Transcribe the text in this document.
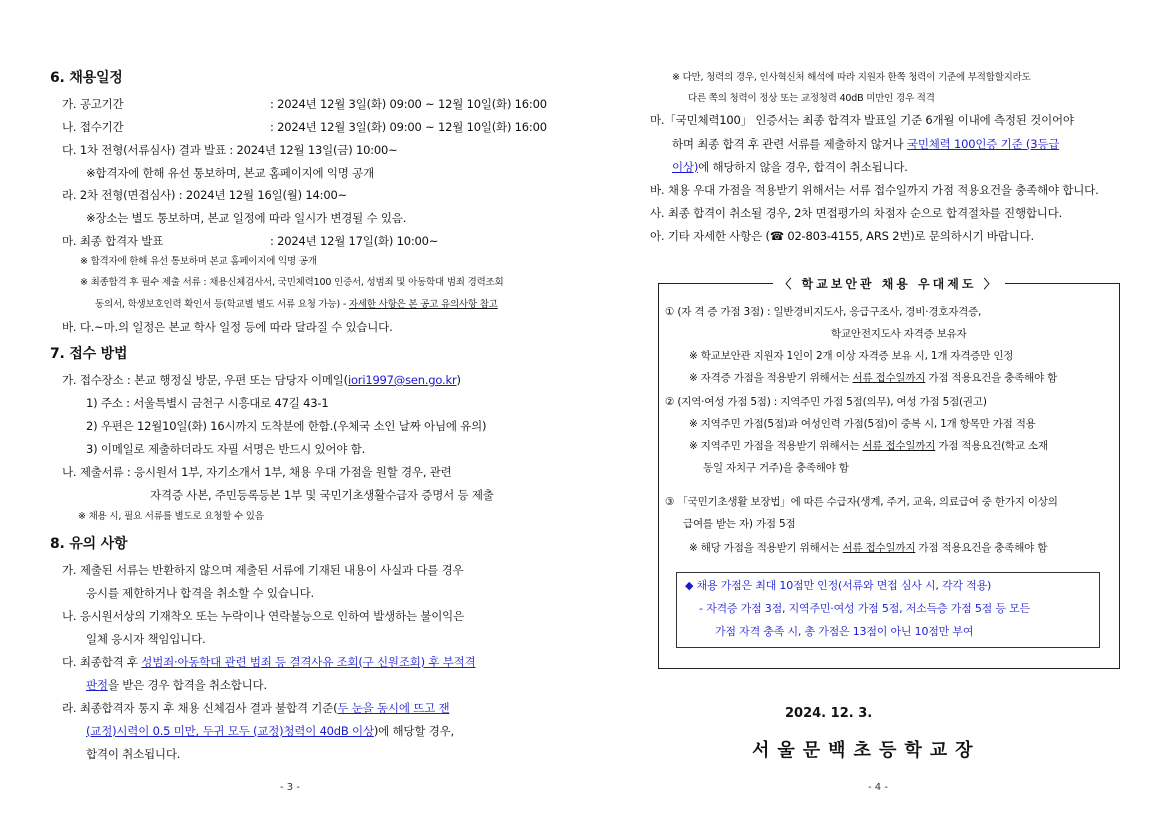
6. 채용일정
가. 공고기간	: 2024년 12월 3일(화) 09:00 ~ 12월 10일(화) 16:00
나. 접수기간	: 2024년 12월 3일(화) 09:00 ~ 12월 10일(화) 16:00
다. 1차 전형(서류심사) 결과 발표 : 2024년 12월 13일(금) 10:00~
※합격자에 한해 유선 통보하며, 본교 홈페이지에 익명 공개
라. 2차 전형(면접심사) : 2024년 12월 16일(월) 14:00~
※장소는 별도 통보하며, 본교 일정에 따라 일시가 변경될 수 있음.
마. 최종 합격자 발표	: 2024년 12월 17일(화) 10:00~
※ 합격자에 한해 유선 통보하며 본교 홈페이지에 익명 공개
※ 최종합격 후 필수 제출 서류 : 채용신체검사서, 국민체력100 인증서, 성범죄 및 아동학대 범죄 경력조회
동의서, 학생보호인력 확인서 등(학교별 별도 서류 요청 가능) - 자세한 사항은 본 공고 유의사항 참고
바. 다.~마.의 일정은 본교 학사 일정 등에 따라 달라질 수 있습니다.
7. 접수 방법
가. 접수장소 : 본교 행정실 방문, 우편 또는 담당자 이메일(iori1997@sen.go.kr)
1) 주소 : 서울특별시 금천구 시흥대로 47길 43-1
2) 우편은 12월10일(화) 16시까지 도착분에 한함.(우체국 소인 날짜 아님에 유의)
3) 이메일로 제출하더라도 자필 서명은 반드시 있어야 함.
나. 제출서류 : 응시원서 1부, 자기소개서 1부, 채용 우대 가점을 원할 경우, 관련
자격증 사본, 주민등록등본 1부 및 국민기초생활수급자 증명서 등 제출
※ 채용 시, 필요 서류를 별도로 요청할 수 있음
8. 유의 사항
가. 제출된 서류는 반환하지 않으며 제출된 서류에 기재된 내용이 사실과 다를 경우
응시를 제한하거나 합격을 취소할 수 있습니다.
나. 응시원서상의 기재착오 또는 누락이나 연락불능으로 인하여 발생하는 불이익은
일체 응시자 책임입니다.
다. 최종합격 후 성범죄·아동학대 관련 범죄 등 결격사유 조회(구 신원조회) 후 부적격
판정을 받은 경우 합격을 취소합니다.
라. 최종합격자 통지 후 채용 신체검사 결과 불합격 기준(두 눈을 동시에 뜨고 잰
(교정)시력이 0.5 미만, 두귀 모두 (교정)청력이 40dB 이상)에 해당할 경우,
합격이 취소됩니다.
- 3 -
※ 다만, 청력의 경우, 인사혁신처 해석에 따라 지원자 한쪽 청력이 기준에 부적합할지라도
다른 쪽의 청력이 정상 또는 교정청력 40dB 미만인 경우 적격
마.「국민체력100」 인증서는 최종 합격자 발표일 기준 6개월 이내에 측정된 것이어야
하며 최종 합격 후 관련 서류를 제출하지 않거나 국민체력 100인증 기준 (3등급
이상)에 해당하지 않을 경우, 합격이 취소됩니다.
바. 채용 우대 가점을 적용받기 위해서는 서류 접수일까지 가점 적용요건을 충족해야 합니다.
사. 최종 합격이 취소될 경우, 2차 면접평가의 차점자 순으로 합격절차를 진행합니다.
아. 기타 자세한 사항은 (☎ 02-803-4155, ARS 2번)로 문의하시기 바랍니다.
〈 학교보안관 채용 우대제도 〉
① (자 격 증 가점 3점) : 일반경비지도사, 응급구조사, 경비·경호자격증,
학교안전지도사 자격증 보유자
※ 학교보안관 지원자 1인이 2개 이상 자격증 보유 시, 1개 자격증만 인정
※ 자격증 가점을 적용받기 위해서는 서류 접수일까지 가점 적용요건을 충족해야 함
② (지역·여성 가점 5점) : 지역주민 가점 5점(의무), 여성 가점 5점(권고)
※ 지역주민 가점(5점)과 여성인력 가점(5점)이 중복 시, 1개 항목만 가점 적용
※ 지역주민 가점을 적용받기 위해서는 서류 접수일까지 가점 적용요건(학교 소재
동일 자치구 거주)을 충족해야 함
③ 「국민기초생활 보장법」에 따른 수급자(생계, 주거, 교육, 의료급여 중 한가지 이상의
급여를 받는 자) 가점 5점
※ 해당 가점을 적용받기 위해서는 서류 접수일까지 가점 적용요건을 충족해야 함
◆ 채용 가점은 최대 10점만 인정(서류와 면접 심사 시, 각각 적용)
- 자격증 가점 3점, 지역주민·여성 가점 5점, 저소득층 가점 5점 등 모든
가점 자격 충족 시, 총 가점은 13점이 아닌 10점만 부여
2024. 12. 3.
서울문백초등학교장
- 4 -
